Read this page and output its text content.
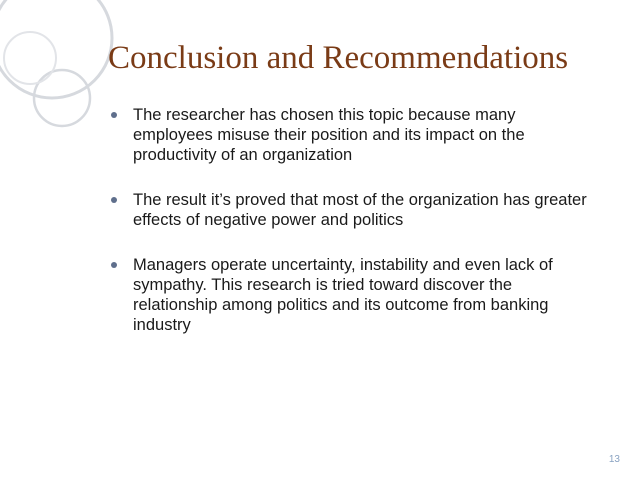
Conclusion and Recommendations
The researcher has chosen this topic because many employees misuse their position and its impact on the productivity of an organization
The result it’s proved that most of the organization has greater effects of negative power and politics
Managers operate uncertainty, instability and even lack of sympathy. This research is tried toward discover the relationship among politics and its outcome from banking industry
13
